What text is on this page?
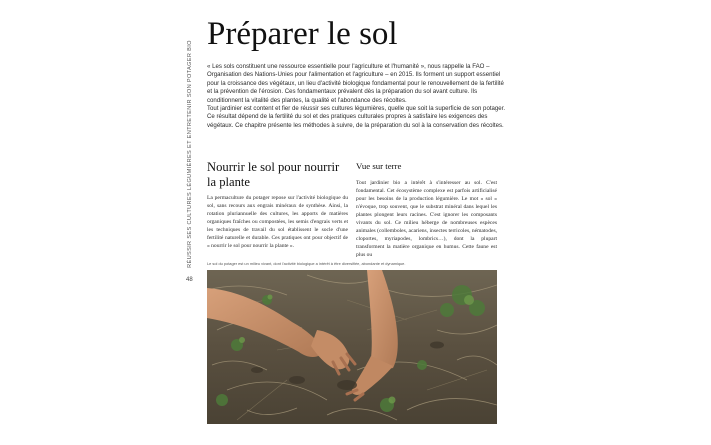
RÉUSSIR SES CULTURES LÉGUMIÈRES ET ENTRETENIR SON POTAGER BIO
48
Préparer le sol

« Les sols constituent une ressource essentielle pour l'agriculture et l'humanité », nous rappelle la FAO – Organisation des Nations-Unies pour l'alimentation et l'agriculture – en 2015. Ils forment un support essentiel pour la croissance des végétaux, un lieu d'activité biologique fondamental pour le renouvellement de la fertilité et la prévention de l'érosion. Ces fondamentaux prévalent dès la préparation du sol avant culture. Ils conditionnent la vitalité des plantes, la qualité et l'abondance des récoltes.

Tout jardinier est content et fier de réussir ses cultures légumières, quelle que soit la superficie de son potager. Ce résultat dépend de la fertilité du sol et des pratiques culturales propres à satisfaire les exigences des végétaux. Ce chapitre présente les méthodes à suivre, de la préparation du sol à la conservation des récoltes.

Nourrir le sol pour nourrir la plante

La permaculture du potager repose sur l'activité biologique du sol, sans recours aux engrais minéraux de synthèse. Ainsi, la rotation pluriannuelle des cultures, les apports de matières organiques fraîches ou compostées, les semis d'engrais verts et les techniques de travail du sol établissent le socle d'une fertilité naturelle et durable. Ces pratiques ont pour objectif de « nourrir le sol pour nourrir la plante ».

Vue sur terre

Tout jardinier bio a intérêt à s'intéresser au sol. C'est fondamental. Cet écosystème complexe est parfois artificialisé pour les besoins de la production légumière. Le mot « sol » n'évoque, trop souvent, que le substrat minéral dans lequel les plantes plongent leurs racines. C'est ignorer les composants vivants du sol. Ce milieu héberge de nombreuses espèces animales (collemboles, acariens, insectes terricoles, nématodes, cloportes, myriapodes, lombrics…), dont la plupart transforment la matière organique en humus. Cette faune est plus ou

Le sol du potager est un milieu vivant, dont l'activité biologique a intérêt à être diversifiée, abondante et dynamique.
